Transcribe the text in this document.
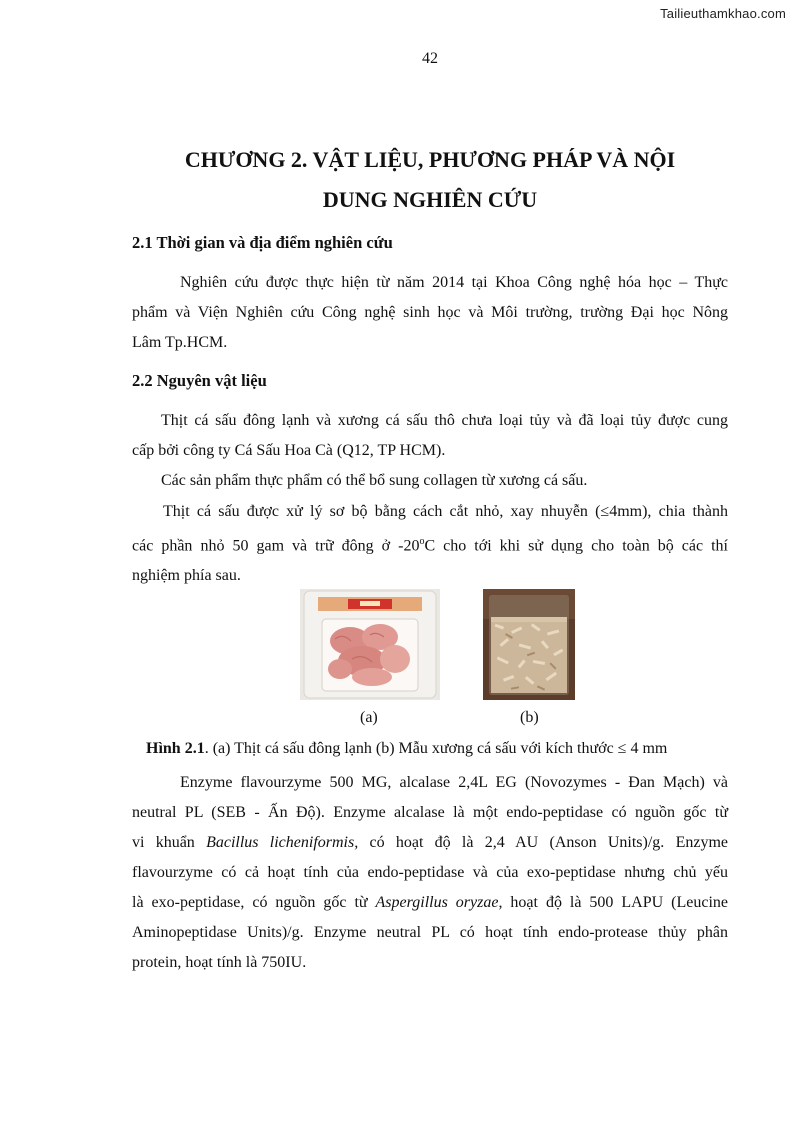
Tailieuthamkhao.com
42
CHƯƠNG 2. VẬT LIỆU, PHƯƠNG PHÁP VÀ NỘI
DUNG NGHIÊN CỨU
2.1 Thời gian và địa điểm nghiên cứu
Nghiên cứu được thực hiện từ năm 2014 tại Khoa Công nghệ hóa học – Thực
phẩm và Viện Nghiên cứu Công nghệ sinh học và Môi trường, trường Đại học Nông
Lâm Tp.HCM.
2.2 Nguyên vật liệu
Thịt cá sấu đông lạnh và xương cá sấu thô chưa loại tủy và đã loại tủy được cung
cấp bởi công ty Cá Sấu Hoa Cà (Q12, TP HCM).
Các sản phẩm thực phẩm có thể bổ sung collagen từ xương cá sấu.
Thịt cá sấu được xử lý sơ bộ bằng cách cắt nhỏ, xay nhuyễn (≤4mm), chia thành
các phần nhỏ 50 gam và trữ đông ở -20$^o$C cho tới khi sử dụng cho toàn bộ các thí
nghiệm phía sau.
(a)	(b)

Hình 2.1. (a) Thịt cá sấu đông lạnh (b) Mẫu xương cá sấu với kích thước ≤ 4 mm

Enzyme flavourzyme 500 MG, alcalase 2,4L EG (Novozymes - Đan Mạch) và
neutral PL (SEB - Ấn Độ). Enzyme alcalase là một endo-peptidase có nguồn gốc từ
vi khuẩn Bacillus licheniformis, có hoạt độ là 2,4 AU (Anson Units)/g. Enzyme
flavourzyme có cả hoạt tính của endo-peptidase và của exo-peptidase nhưng chủ yếu
là exo-peptidase, có nguồn gốc từ Aspergillus oryzae, hoạt độ là 500 LAPU (Leucine
Aminopeptidase Units)/g. Enzyme neutral PL có hoạt tính endo-protease thủy phân
protein, hoạt tính là 750IU.
